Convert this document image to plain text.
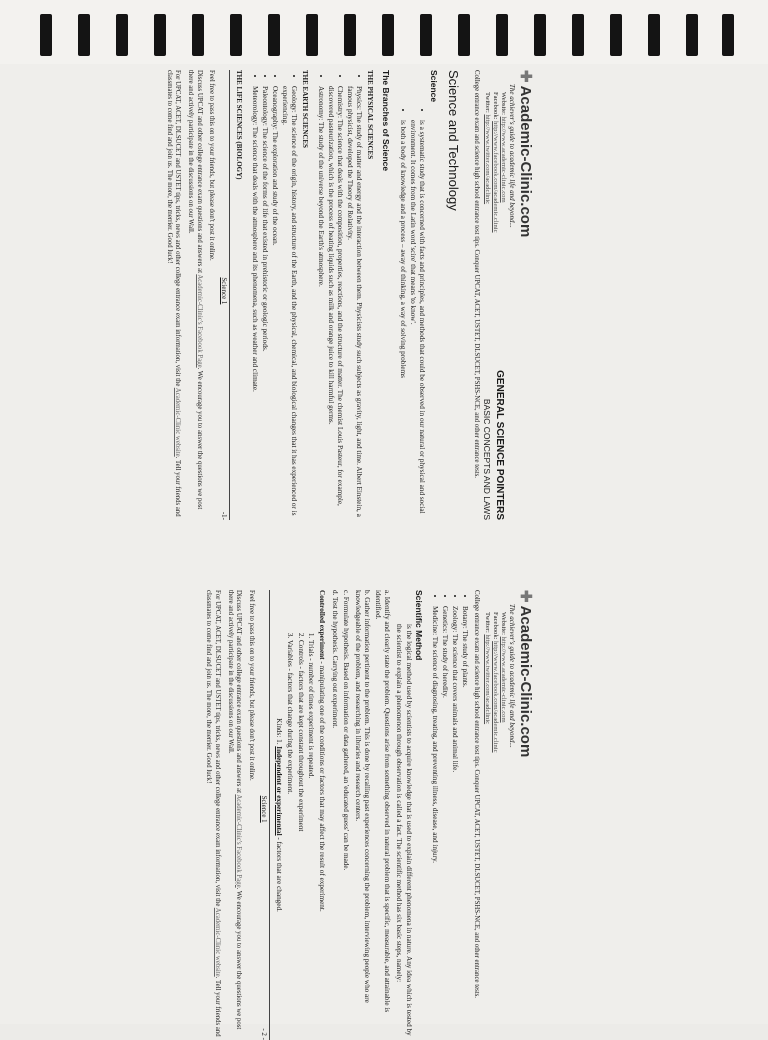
✚Academic-Clinic.com
The achiever's guide to academic life and beyond...
Website: http://www.academic-clinic.com
Facebook: http://www.facebook.com/academic.clinic
Twitter: http://www.twitter.com/acadclinic
College entrance exam and science high school entrance test tips. Conquer UPCAT, ACET, USTET, DLSUCET, PSHS-NCE, and other entrance tests. GENERAL SCIENCE POINTERS
BASIC CONCEPTS AND LAWS
Science and Technology
Science
• is a systematic study that is concerned with facts and principles, and methods that could be observed in our natural or physical and social environment. It comes from the Latin word 'scire' that means 'to know'.
• is both a body of knowledge and a process – away of thinking, a way of solving problems
The Branches of Science
THE PHYSICAL SCIENCES
• Physics: The study of matter and energy and the interaction between them. Physicists study such subjects as gravity, light, and time. Albert Einstein, a famous physicist, developed the Theory of Relativity.
• Chemistry: The science that deals with the composition, properties, reactions, and the structure of matter. The chemist Louis Pasteur, for example, discovered pasteurization, which is the process of heating liquids such as milk and orange juice to kill harmful germs.
• Astronomy: The study of the universe beyond the Earth's atmosphere.
THE EARTH SCIENCES
• Geology: The science of the origin, history, and structure of the Earth, and the physical, chemical, and biological changes that it has experienced or is experiencing.
• Oceanography: The exploration and study of the ocean.
• Paleontology: The science of the forms of life that existed in prehistoric or geologic periods.
• Meteorology: The science that deals with the atmosphere and its phenomena, such as weather and climate.
THE LIFE SCIENCES (BIOLOGY)
Science 1
-1-
Feel free to pass this on to your friends, but please don't post it online.
Discuss UPCAT and other college entrance exam questions and answers at Academic-Clinic's Facebook Page. We encourage you to answer the questions we post there and actively participate in the discussions on our Wall.
For UPCAT, ACET, DLSUCET and USTET tips, tricks, news and other college entrance exam information, visit the Academic-Clinic website. Tell your friends and classmates to come find and join us. The more, the merrier. Good luck!
✚Academic-Clinic.com
The achiever's guide to academic life and beyond...
Website: http://www.academic-clinic.com
Facebook: http://www.facebook.com/academic.clinic
Twitter: http://www.twitter.com/acadclinic
College entrance exam and science high school entrance test tips. Conquer UPCAT, ACET, USTET, DLSUCET, PSHS-NCE, and other entrance tests.
• Botany: The study of plants.
• Zoology: The science that covers animals and animal life.
• Genetics: The study of heredity.
• Medicine: The science of diagnosing, treating, and preventing illness, disease, and injury.
Scientific Method
is the logical method used by scientists to acquire knowledge that is used to explain different phenomena in nature. Any idea which is tested by the scientist to explain a phenomenon through observation is called a fact. The scientific method has six basic steps, namely:
a. Identify and clearly state the problem. Questions arise from something observed in natural problem that is specific, measurable, and attainable is identified.
b. Gather information pertinent to the problem. This is done by recalling past experiences concerning the problem, interviewing people who are knowledgeable of the problem, and researching in libraries and research centers.
c. Formulate hypothesis. Based on information or data gathered, an 'educated guess' can be made.
d. Test the hypothesis. Carrying out experiment.
Controlled experiment - manipulating one of the conditions or factors that may affect the result of experiment.
1. Trials - number of times experiment is repeated.
2. Controls - factors that are kept constant throughout the experiment
3. Variables - factors that change during the experiment.
Kinds: 1. Independent or experimental - factors that are changed.
Science 1
- 2 -
Feel free to pass this on to your friends, but please don't post it online.
Discuss UPCAT and other college entrance exam questions and answers at Academic-Clinic's Facebook Page. We encourage you to answer the questions we post there and actively participate in the discussions on our Wall.
For UPCAT, ACET, DLSUCET and USTET tips, tricks, news and other college entrance exam information, visit the Academic-Clinic website. Tell your friends and classmates to come find and join us. The more, the merrier. Good luck!
